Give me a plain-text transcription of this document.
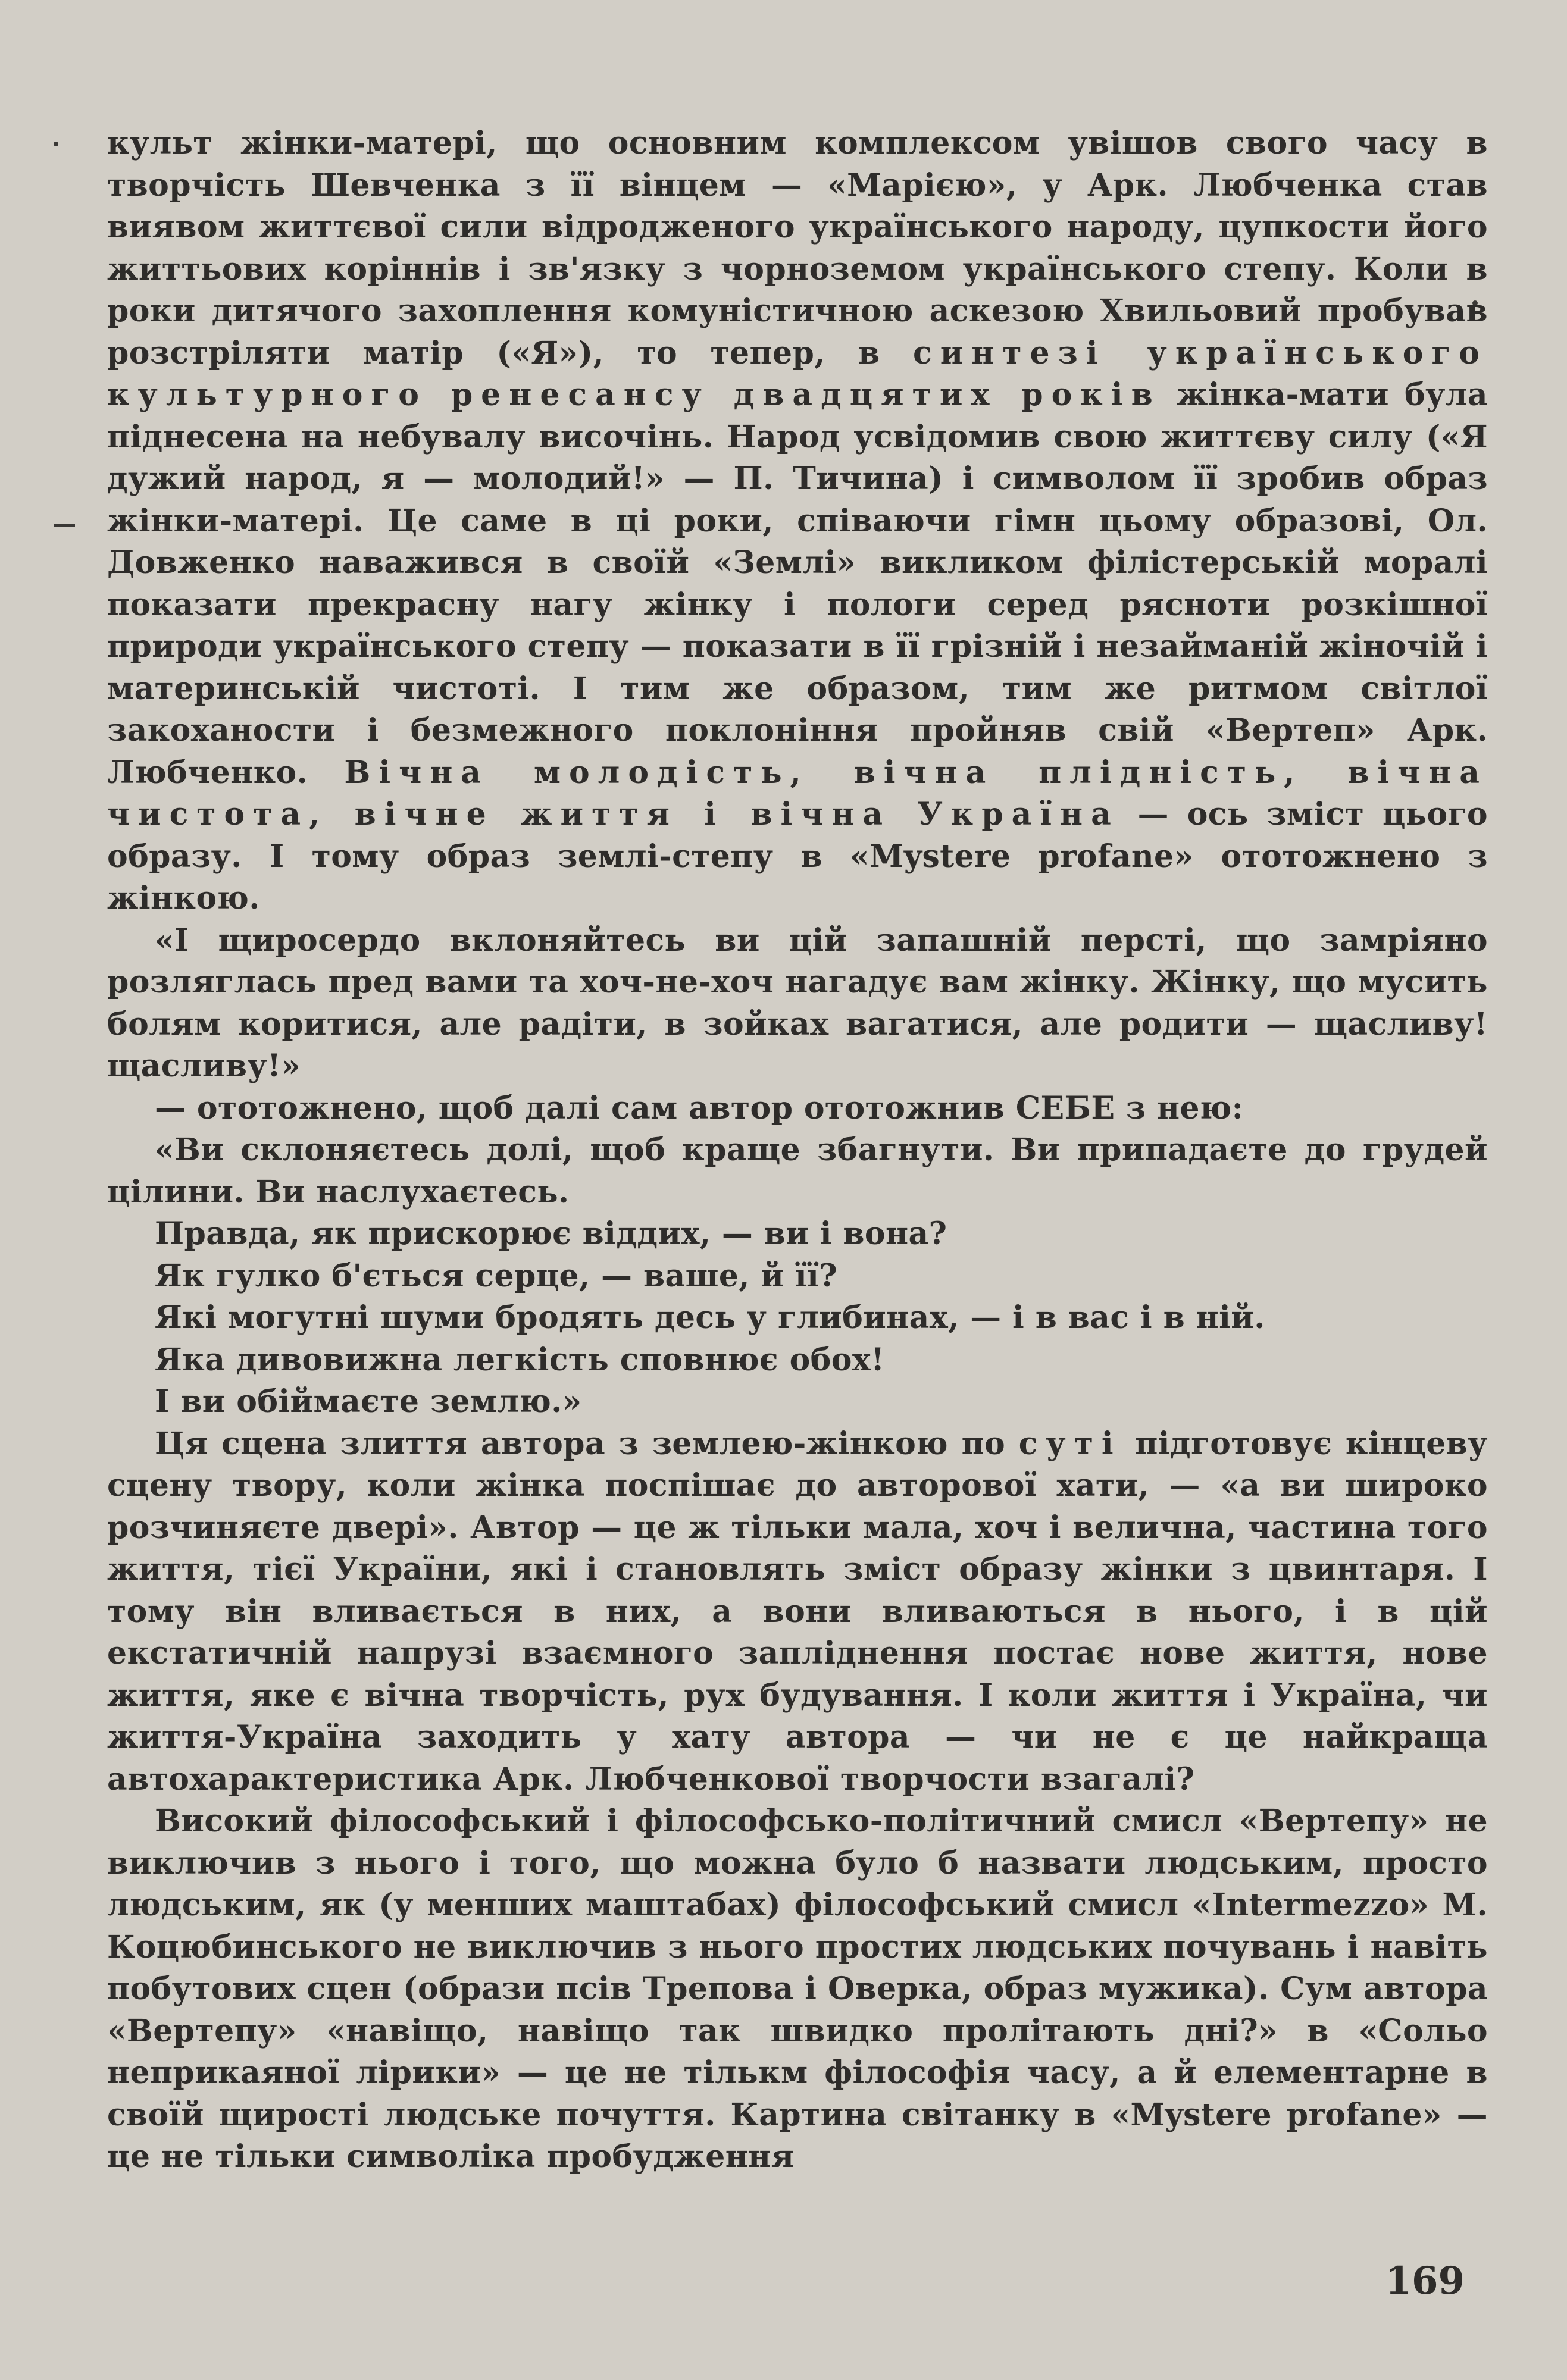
культ жінки-матері, що основним комплексом увішов свого часу в творчість Шевченка з її вінцем — «Марією», у Арк. Любченка став виявом життєвої сили відродженого українського народу, цупкости його життьових коріннів і зв'язку з чорноземом українського степу. Коли в роки дитячого захоплення комуністичною аскезою Хвильовий пробував розстріляти матір («Я»), то тепер, в синтезі українського культурного ренесансу двадцятих років жінка-мати була піднесена на небувалу височінь. Народ усвідомив свою життєву силу («Я дужий народ, я — молодий!» — П. Тичина) і символом її зробив образ жінки-матері. Це саме в ці роки, співаючи гімн цьому образові, Ол. Довженко наважився в своїй «Землі» викликом філістерській моралі показати прекрасну нагу жінку і пологи серед рясноти розкішної природи українського степу — показати в її грізній і незайманій жіночій і материнській чистоті. І тим же образом, тим же ритмом світлої закоханости і безмежного поклоніння пройняв свій «Вертеп» Арк. Любченко. Вічна молодість, вічна плідність, вічна чистота, вічне життя і вічна Україна — ось зміст цього образу. І тому образ землі-степу в «Mystere profane» ототожнено з жінкою.

«І щиросердо вклоняйтесь ви цій запашній персті, що замріяно розляглась пред вами та хоч-не-хоч нагадує вам жінку. Жінку, що мусить болям коритися, але радіти, в зойках вагатися, але родити — щасливу! щасливу!»

— ототожнено, щоб далі сам автор ототожнив СЕБЕ з нею:

«Ви склоняєтесь долі, щоб краще збагнути. Ви припадаєте до грудей цілини. Ви наслухаєтесь.

Правда, як прискорює віддих, — ви і вона?
Як гулко б'ється серце, — ваше, й її?
Які могутні шуми бродять десь у глибинах, — і в вас і в ній.
Яка дивовижна легкість сповнює обох!
І ви обіймаєте землю.»

Ця сцена злиття автора з землею-жінкою по суті підготовує кінцеву сцену твору, коли жінка поспішає до авторової хати, — «а ви широко розчиняєте двері». Автор — це ж тільки мала, хоч і велична, частина того життя, тієї України, які і становлять зміст образу жінки з цвинтаря. І тому він вливається в них, а вони вливаються в нього, і в цій екстатичній напрузі взаємного запліднення постає нове життя, нове життя, яке є вічна творчість, рух будування. І коли життя і Україна, чи життя-Україна заходить у хату автора — чи не є це найкраща автохарактеристика Арк. Любченкової творчости взагалі?

Високий філософський і філософсько-політичний смисл «Вертепу» не виключив з нього і того, що можна було б назвати людським, просто людським, як (у менших маштабах) філософський смисл «Intermezzo» М. Коцюбинського не виключив з нього простих людських почувань і навіть побутових сцен (образи псів Трепова і Оверка, образ мужика). Сум автора «Вертепу» «навіщо, навіщо так швидко пролітають дні?» в «Сольо неприкаяної лірики» — це не тількм філософія часу, а й елементарне в своїй щирості людське почуття. Картина світанку в «Mystere profane» — це не тільки символіка пробудження

169
